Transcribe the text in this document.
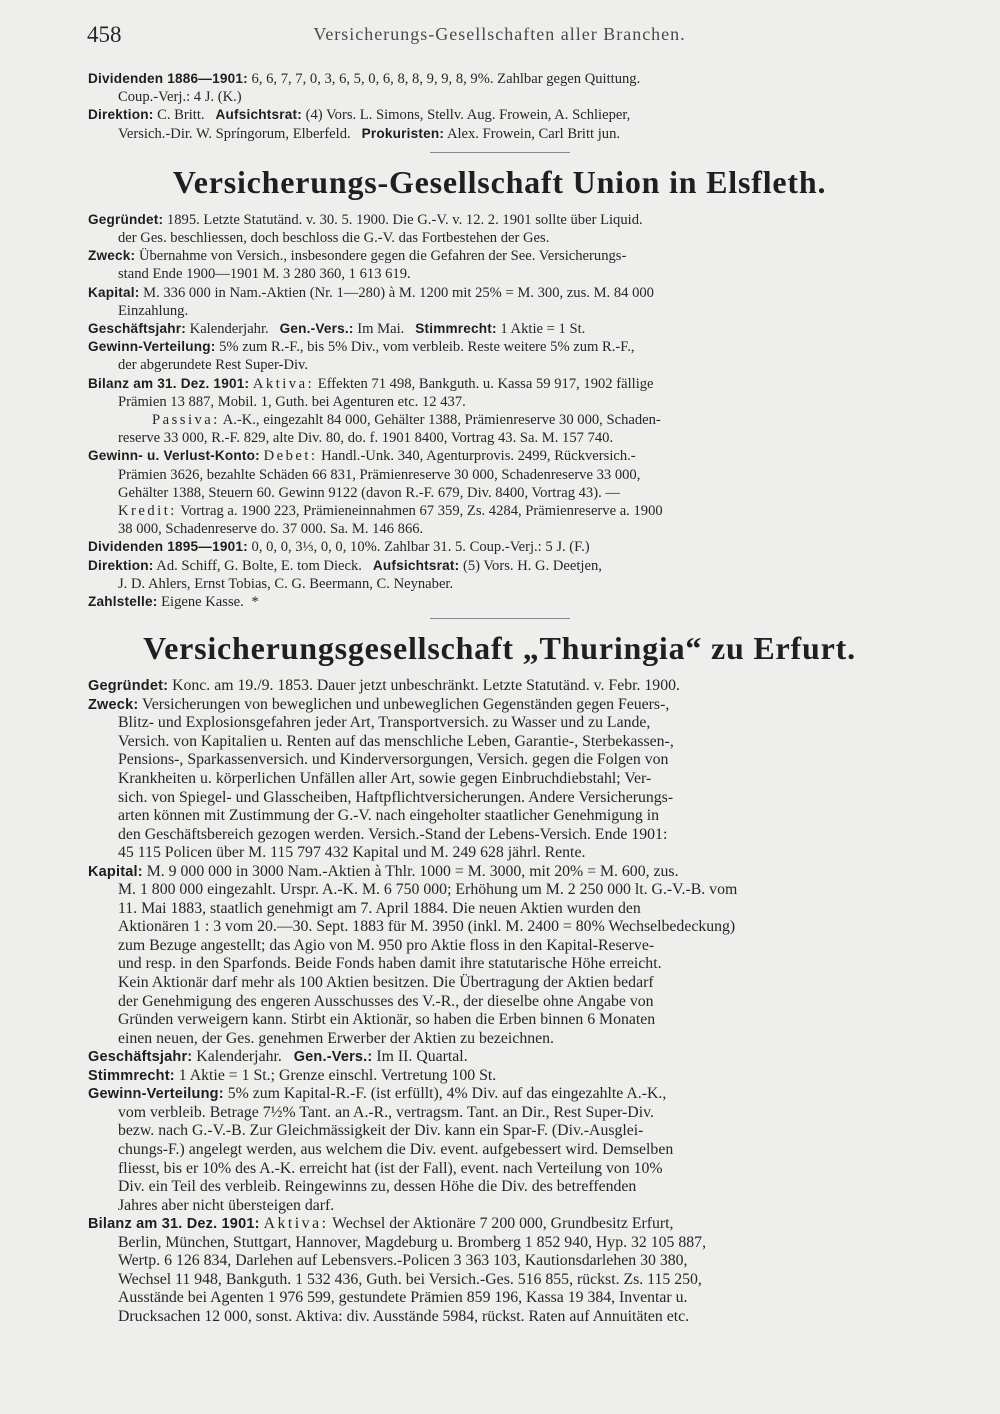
458	Versicherungs-Gesellschaften aller Branchen.

Dividenden 1886—1901: 6, 6, 7, 7, 0, 3, 6, 5, 0, 6, 8, 8, 9, 9, 8, 9%. Zahlbar gegen Quittung.

Coup.-Verj.: 4 J. (K.)

Direktion: C. Britt. Aufsichtsrat: (4) Vors. L. Simons, Stellv. Aug. Frowein, A. Schlieper,

Versich.-Dir. W. Spríngorum, Elberfeld. Prokuristen: Alex. Frowein, Carl Britt jun.

Versicherungs-Gesellschaft Union in Elsfleth.

Gegründet: 1895. Letzte Statutänd. v. 30. 5. 1900. Die G.-V. v. 12. 2. 1901 sollte über Liquid.

der Ges. beschliessen, doch beschloss die G.-V. das Fortbestehen der Ges.

Zweck: Übernahme von Versich., insbesondere gegen die Gefahren der See. Versicherungs-

stand Ende 1900—1901 M. 3 280 360, 1 613 619.

Kapital: M. 336 000 in Nam.-Aktien (Nr. 1—280) à M. 1200 mit 25% = M. 300, zus. M. 84 000

Einzahlung.

Geschäftsjahr: Kalenderjahr. Gen.-Vers.: Im Mai. Stimmrecht: 1 Aktie = 1 St.

Gewinn-Verteilung: 5% zum R.-F., bis 5% Div., vom verbleib. Reste weitere 5% zum R.-F.,

der abgerundete Rest Super-Div.

Bilanz am 31. Dez. 1901: Aktiva: Effekten 71 498, Bankguth. u. Kassa 59 917, 1902 fällige

Prämien 13 887, Mobil. 1, Guth. bei Agenturen etc. 12 437.

Passiva: A.-K., eingezahlt 84 000, Gehälter 1388, Prämienreserve 30 000, Schaden-

reserve 33 000, R.-F. 829, alte Div. 80, do. f. 1901 8400, Vortrag 43. Sa. M. 157 740.

Gewinn- u. Verlust-Konto: Debet: Handl.-Unk. 340, Agenturprovis. 2499, Rückversich.-

Prämien 3626, bezahlte Schäden 66 831, Prämienreserve 30 000, Schadenreserve 33 000,

Gehälter 1388, Steuern 60. Gewinn 9122 (davon R.-F. 679, Div. 8400, Vortrag 43). —

Kredit: Vortrag a. 1900 223, Prämieneinnahmen 67 359, Zs. 4284, Prämienreserve a. 1900

38 000, Schadenreserve do. 37 000. Sa. M. 146 866.

Dividenden 1895—1901: 0, 0, 0, 3⅓, 0, 0, 10%. Zahlbar 31. 5. Coup.-Verj.: 5 J. (F.)

Direktion: Ad. Schiff, G. Bolte, E. tom Dieck. Aufsichtsrat: (5) Vors. H. G. Deetjen,

J. D. Ahlers, Ernst Tobias, C. G. Beermann, C. Neynaber.

Zahlstelle: Eigene Kasse. *

Versicherungsgesellschaft „Thuringia“ zu Erfurt.

Gegründet: Konc. am 19./9. 1853. Dauer jetzt unbeschränkt. Letzte Statutänd. v. Febr. 1900.

Zweck: Versicherungen von beweglichen und unbeweglichen Gegenständen gegen Feuers-,

Blitz- und Explosionsgefahren jeder Art, Transportversich. zu Wasser und zu Lande,

Versich. von Kapitalien u. Renten auf das menschliche Leben, Garantie-, Sterbekassen-,

Pensions-, Sparkassenversich. und Kinderversorgungen, Versich. gegen die Folgen von

Krankheiten u. körperlichen Unfällen aller Art, sowie gegen Einbruchdiebstahl; Ver-

sich. von Spiegel- und Glasscheiben, Haftpflichtversicherungen. Andere Versicherungs-

arten können mit Zustimmung der G.-V. nach eingeholter staatlicher Genehmigung in

den Geschäftsbereich gezogen werden. Versich.-Stand der Lebens-Versich. Ende 1901:

45 115 Policen über M. 115 797 432 Kapital und M. 249 628 jährl. Rente.

Kapital: M. 9 000 000 in 3000 Nam.-Aktien à Thlr. 1000 = M. 3000, mit 20% = M. 600, zus.

M. 1 800 000 eingezahlt. Urspr. A.-K. M. 6 750 000; Erhöhung um M. 2 250 000 lt. G.-V.-B. vom

11. Mai 1883, staatlich genehmigt am 7. April 1884. Die neuen Aktien wurden den

Aktionären 1 : 3 vom 20.—30. Sept. 1883 für M. 3950 (inkl. M. 2400 = 80% Wechselbedeckung)

zum Bezuge angestellt; das Agio von M. 950 pro Aktie floss in den Kapital-Reserve-

und resp. in den Sparfonds. Beide Fonds haben damit ihre statutarische Höhe erreicht.

Kein Aktionär darf mehr als 100 Aktien besitzen. Die Übertragung der Aktien bedarf

der Genehmigung des engeren Ausschusses des V.-R., der dieselbe ohne Angabe von

Gründen verweigern kann. Stirbt ein Aktionär, so haben die Erben binnen 6 Monaten

einen neuen, der Ges. genehmen Erwerber der Aktien zu bezeichnen.

Geschäftsjahr: Kalenderjahr. Gen.-Vers.: Im II. Quartal.

Stimmrecht: 1 Aktie = 1 St.; Grenze einschl. Vertretung 100 St.

Gewinn-Verteilung: 5% zum Kapital-R.-F. (ist erfüllt), 4% Div. auf das eingezahlte A.-K.,

vom verbleib. Betrage 7½% Tant. an A.-R., vertragsm. Tant. an Dir., Rest Super-Div.

bezw. nach G.-V.-B. Zur Gleichmässigkeit der Div. kann ein Spar-F. (Div.-Ausglei-

chungs-F.) angelegt werden, aus welchem die Div. event. aufgebessert wird. Demselben

fliesst, bis er 10% des A.-K. erreicht hat (ist der Fall), event. nach Verteilung von 10%

Div. ein Teil des verbleib. Reingewinns zu, dessen Höhe die Div. des betreffenden

Jahres aber nicht übersteigen darf.

Bilanz am 31. Dez. 1901: Aktiva: Wechsel der Aktionäre 7 200 000, Grundbesitz Erfurt,

Berlin, München, Stuttgart, Hannover, Magdeburg u. Bromberg 1 852 940, Hyp. 32 105 887,

Wertp. 6 126 834, Darlehen auf Lebensvers.-Policen 3 363 103, Kautionsdarlehen 30 380,

Wechsel 11 948, Bankguth. 1 532 436, Guth. bei Versich.-Ges. 516 855, rückst. Zs. 115 250,

Ausstände bei Agenten 1 976 599, gestundete Prämien 859 196, Kassa 19 384, Inventar u.

Drucksachen 12 000, sonst. Aktiva: div. Ausstände 5984, rückst. Raten auf Annuitäten etc.
